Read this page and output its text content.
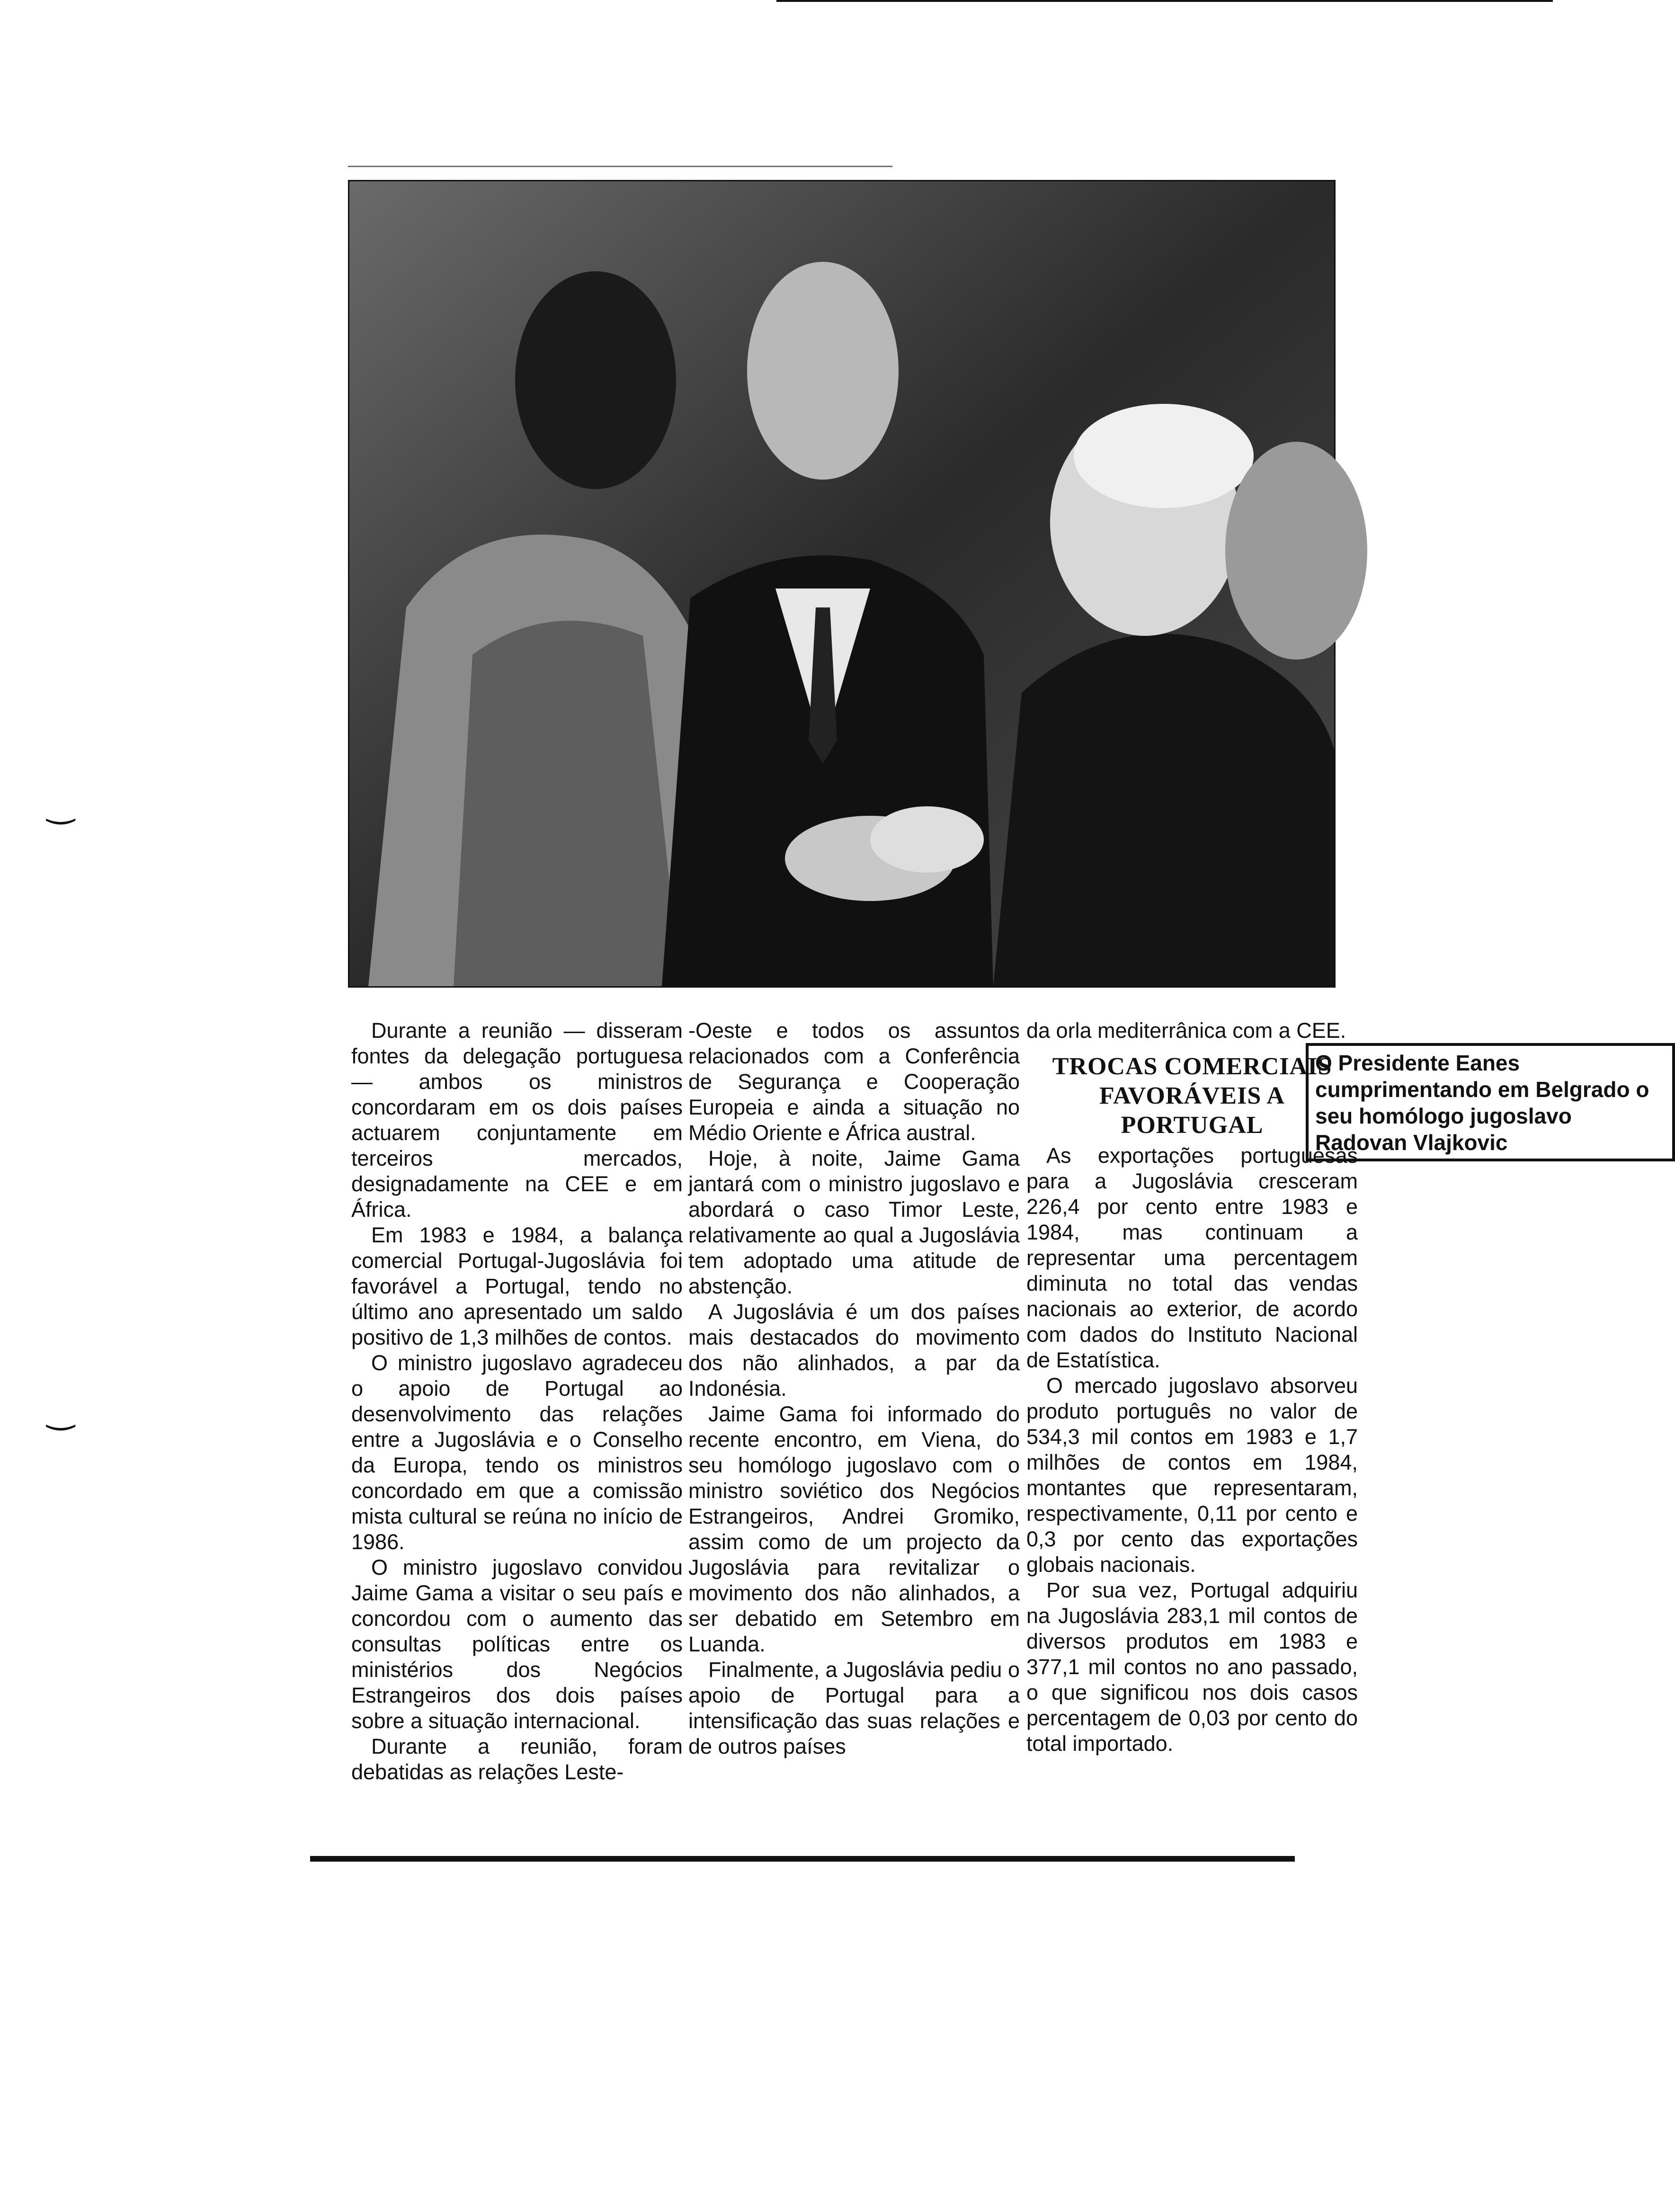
‿
‿
O Presidente Eanes cumprimentando em Belgrado o seu homólogo jugoslavo Radovan Vlajkovic

Durante a reunião — disseram fontes da delegação portuguesa — ambos os ministros concordaram em os dois países actuarem conjuntamente em terceiros mercados, designadamente na CEE e em África.

Em 1983 e 1984, a balança comercial Portugal-Jugoslávia foi favorável a Portugal, tendo no último ano apresentado um saldo positivo de 1,3 milhões de contos.

O ministro jugoslavo agradeceu o apoio de Portugal ao desenvolvimento das relações entre a Jugoslávia e o Conselho da Europa, tendo os ministros concordado em que a comissão mista cultural se reúna no início de 1986.

O ministro jugoslavo convidou Jaime Gama a visitar o seu país e concordou com o aumento das consultas políticas entre os ministérios dos Negócios Estrangeiros dos dois países sobre a situação internacional.

Durante a reunião, foram debatidas as relações Leste-

-Oeste e todos os assuntos relacionados com a Conferência de Segurança e Cooperação Europeia e ainda a situação no Médio Oriente e África austral.

Hoje, à noite, Jaime Gama jantará com o ministro jugoslavo e abordará o caso Timor Leste, relativamente ao qual a Jugoslávia tem adoptado uma atitude de abstenção.

A Jugoslávia é um dos países mais destacados do movimento dos não alinhados, a par da Indonésia.

Jaime Gama foi informado do recente encontro, em Viena, do seu homólogo jugoslavo com o ministro soviético dos Negócios Estrangeiros, Andrei Gromiko, assim como de um projecto da Jugoslávia para revitalizar o movimento dos não alinhados, a ser debatido em Setembro em Luanda.

Finalmente, a Jugoslávia pediu o apoio de Portugal para a intensificação das suas relações e de outros países

da orla mediterrânica com a CEE.

TROCAS COMERCIAIS FAVORÁVEIS A PORTUGAL

As exportações portuguesas para a Jugoslávia cresceram 226,4 por cento entre 1983 e 1984, mas continuam a representar uma percentagem diminuta no total das vendas nacionais ao exterior, de acordo com dados do Instituto Nacional de Estatística.

O mercado jugoslavo absorveu produto português no valor de 534,3 mil contos em 1983 e 1,7 milhões de contos em 1984, montantes que representaram, respectivamente, 0,11 por cento e 0,3 por cento das exportações globais nacionais.

Por sua vez, Portugal adquiriu na Jugoslávia 283,1 mil contos de diversos produtos em 1983 e 377,1 mil contos no ano passado, o que significou nos dois casos percentagem de 0,03 por cento do total importado.
